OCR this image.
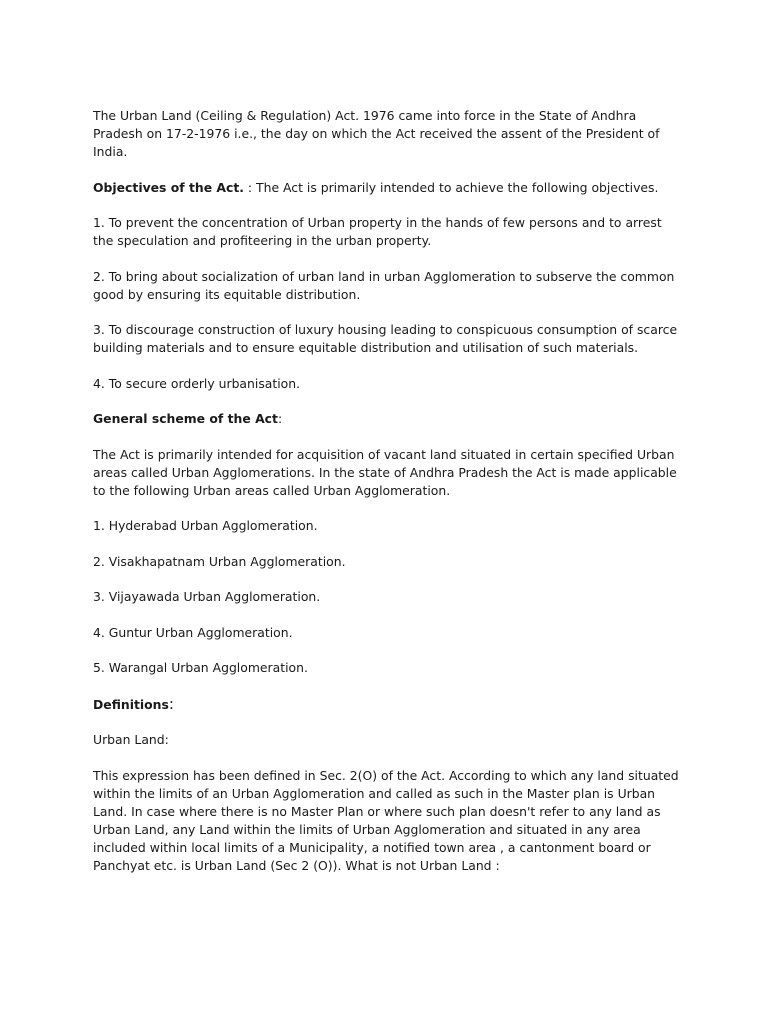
The Urban Land (Ceiling & Regulation) Act. 1976 came into force in the State of Andhra Pradesh on 17-2-1976 i.e., the day on which the Act received the assent of the President of India.

Objectives of the Act. : The Act is primarily intended to achieve the following objectives.

1. To prevent the concentration of Urban property in the hands of few persons and to arrest the speculation and profiteering in the urban property.

2. To bring about socialization of urban land in urban Agglomeration to subserve the common good by ensuring its equitable distribution.

3. To discourage construction of luxury housing leading to conspicuous consumption of scarce building materials and to ensure equitable distribution and utilisation of such materials.

4. To secure orderly urbanisation.

General scheme of the Act:

The Act is primarily intended for acquisition of vacant land situated in certain specified Urban areas called Urban Agglomerations. In the state of Andhra Pradesh the Act is made applicable to the following Urban areas called Urban Agglomeration.

1. Hyderabad Urban Agglomeration.

2. Visakhapatnam Urban Agglomeration.

3. Vijayawada Urban Agglomeration.

4. Guntur Urban Agglomeration.

5. Warangal Urban Agglomeration.

Definitions:

Urban Land:

This expression has been defined in Sec. 2(O) of the Act. According to which any land situated within the limits of an Urban Agglomeration and called as such in the Master plan is Urban Land. In case where there is no Master Plan or where such plan doesn't refer to any land as Urban Land, any Land within the limits of Urban Agglomeration and situated in any area included within local limits of a Municipality, a notified town area , a cantonment board or Panchyat etc. is Urban Land (Sec 2 (O)). What is not Urban Land :
